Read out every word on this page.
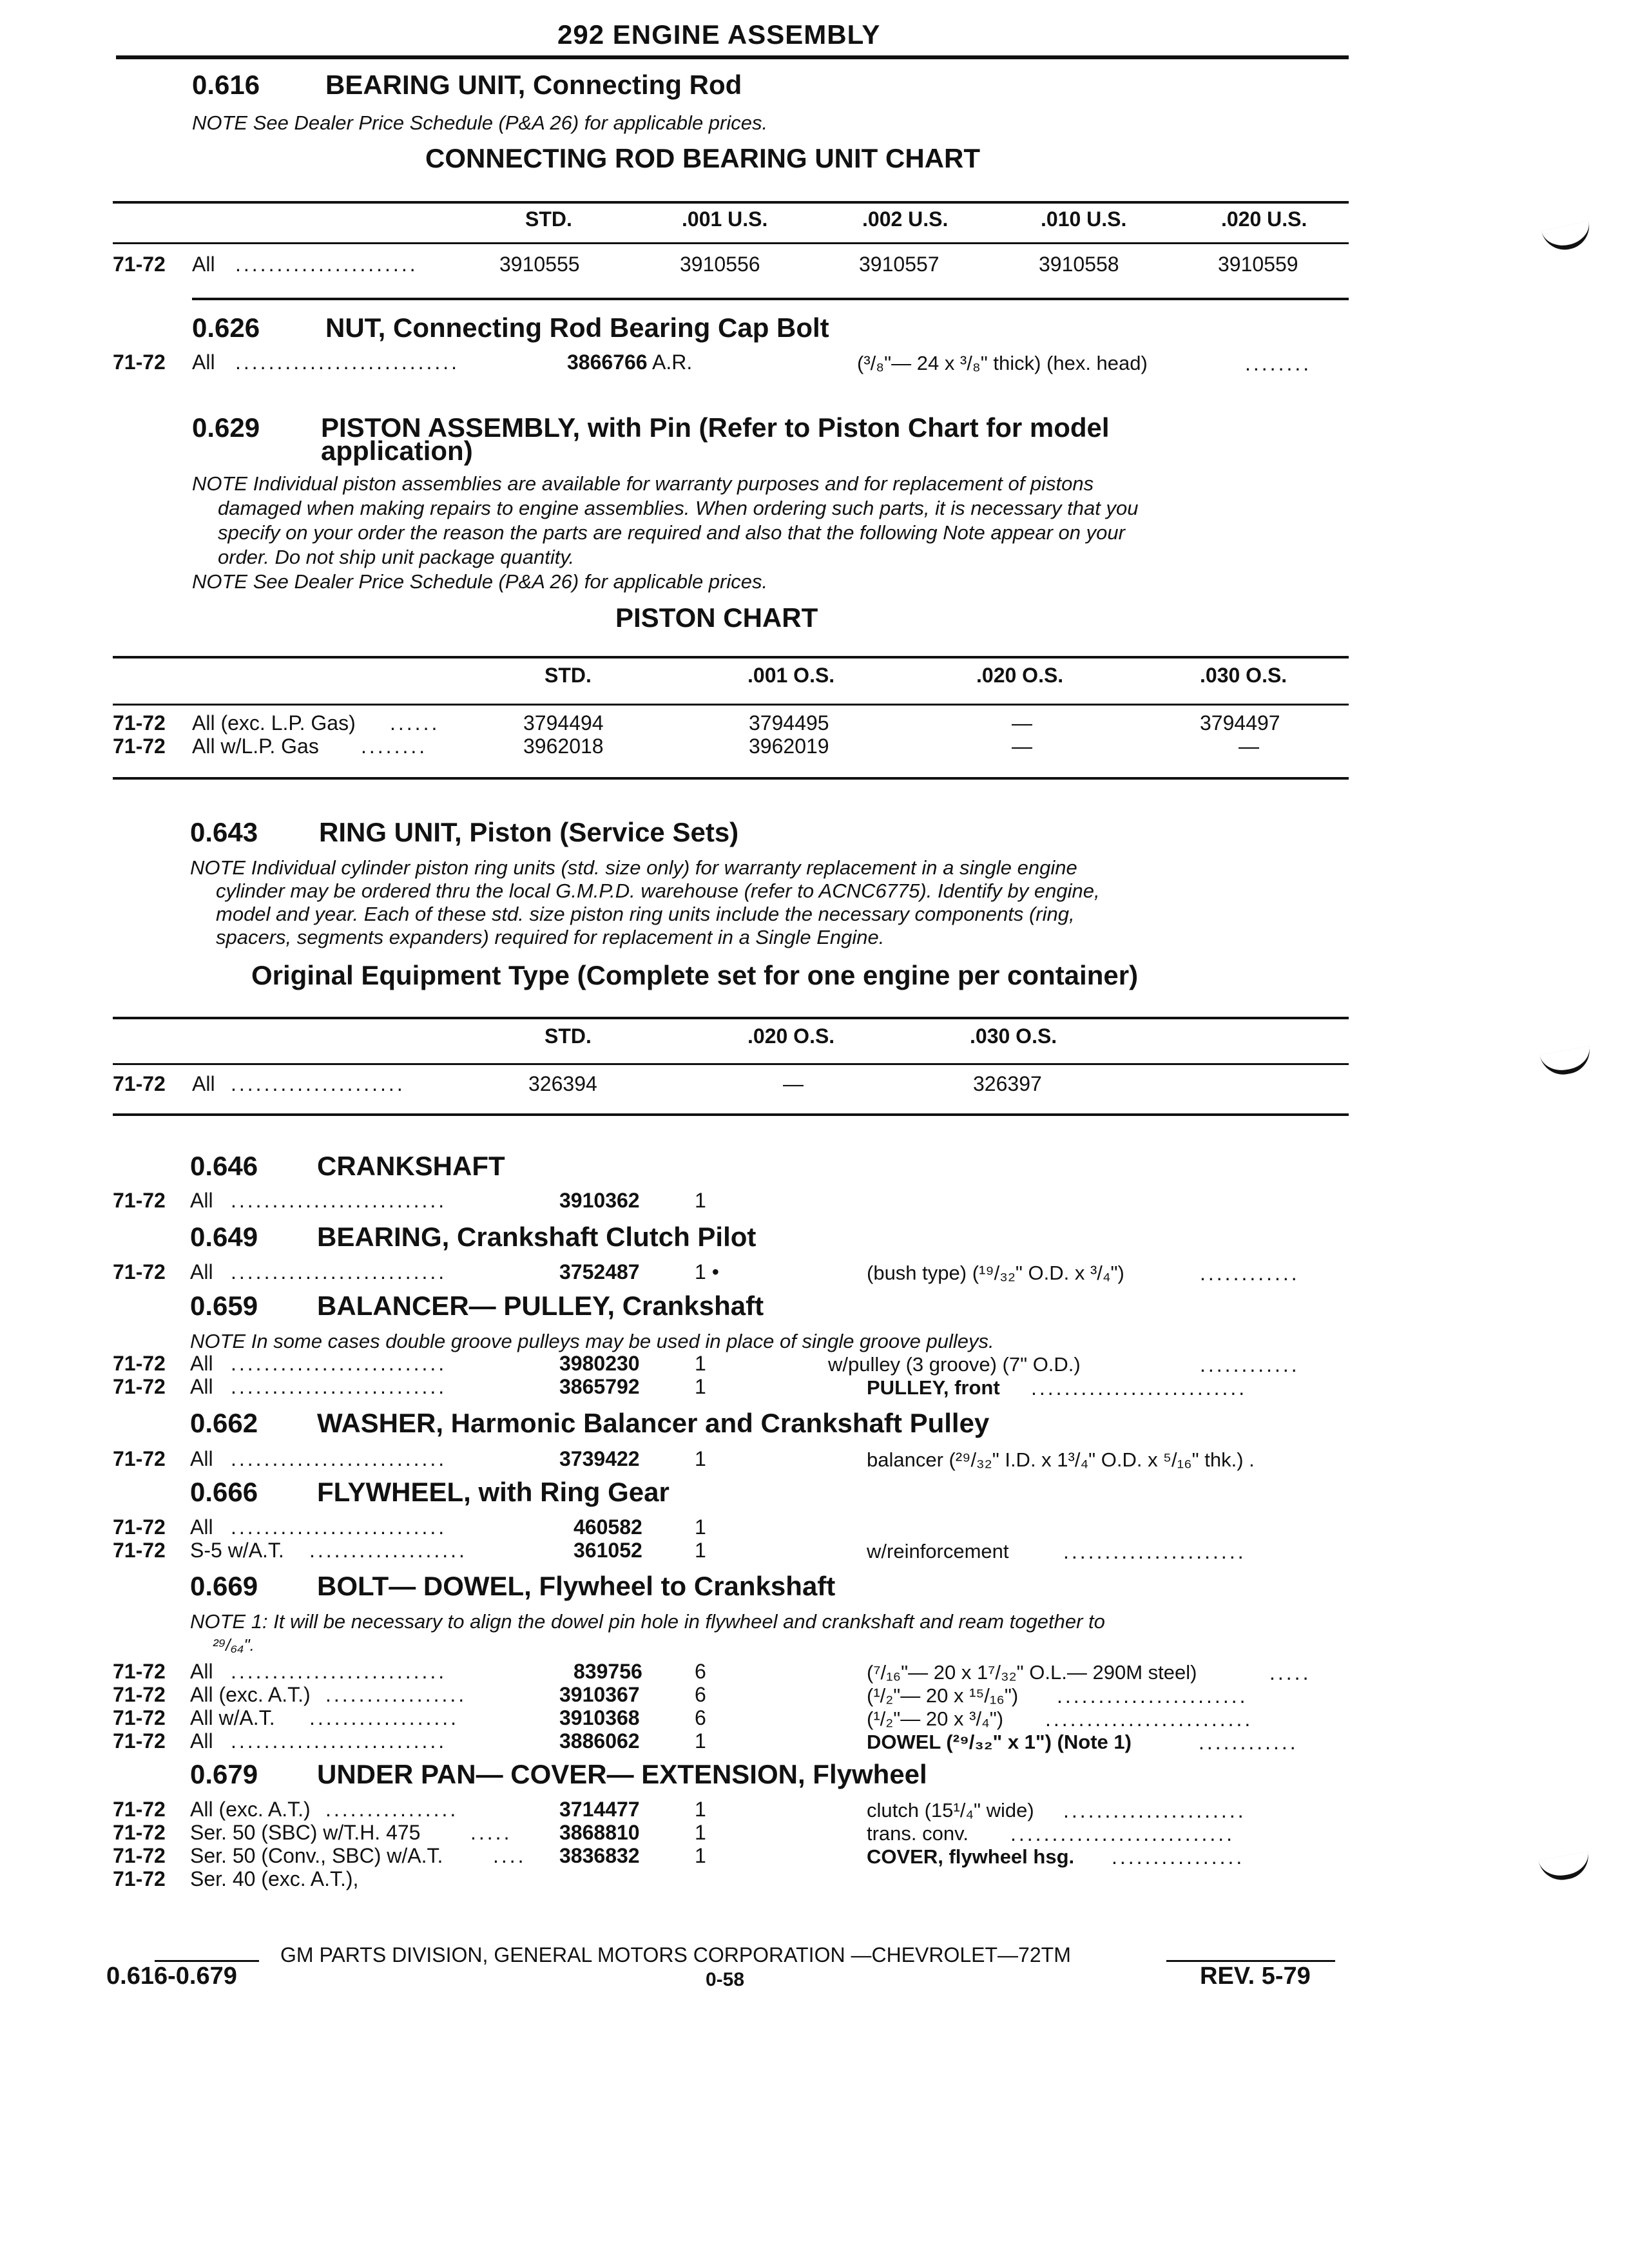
292 ENGINE ASSEMBLY
0.616 BEARING UNIT, Connecting Rod
NOTE See Dealer Price Schedule (P&A 26) for applicable prices.
CONNECTING ROD BEARING UNIT CHART
STD.	.001 U.S.	.002 U.S.	.010 U.S.	.020 U.S.
71-72 All ......................	3910555	3910556	3910557	3910558	3910559
0.626 NUT, Connecting Rod Bearing Cap Bolt
71-72 All ...........................	3866766 A.R.	(³/₈"— 24 x ³/₈" thick) (hex. head)	........
0.629 PISTON ASSEMBLY, with Pin (Refer to Piston Chart for model
application)
NOTE Individual piston assemblies are available for warranty purposes and for replacement of pistons
damaged when making repairs to engine assemblies. When ordering such parts, it is necessary that you
specify on your order the reason the parts are required and also that the following Note appear on your
order. Do not ship unit package quantity.
NOTE See Dealer Price Schedule (P&A 26) for applicable prices.
PISTON CHART
STD.	.001 O.S.	.020 O.S.	.030 O.S.
71-72 All (exc. L.P. Gas) ......	3794494	3794495	—	3794497
71-72 All w/L.P. Gas ........	3962018	3962019	—	—
0.643 RING UNIT, Piston (Service Sets)
NOTE Individual cylinder piston ring units (std. size only) for warranty replacement in a single engine
cylinder may be ordered thru the local G.M.P.D. warehouse (refer to ACNC6775). Identify by engine,
model and year. Each of these std. size piston ring units include the necessary components (ring,
spacers, segments expanders) required for replacement in a Single Engine.
Original Equipment Type (Complete set for one engine per container)
STD.	.020 O.S.	.030 O.S.
71-72 All .....................	326394	—	326397
0.646 CRANKSHAFT
71-72 All ..........................	3910362	1
0.649 BEARING, Crankshaft Clutch Pilot
71-72 All ..........................	3752487	1 •	(bush type) (¹⁹/₃₂" O.D. x ³/₄")	............
0.659 BALANCER— PULLEY, Crankshaft
NOTE In some cases double groove pulleys may be used in place of single groove pulleys.
71-72 All ..........................	3980230	1	w/pulley (3 groove) (7" O.D.)	............
71-72 All ..........................	3865792	1	PULLEY, front ..........................
0.662 WASHER, Harmonic Balancer and Crankshaft Pulley
71-72 All ..........................	3739422	1	balancer (²⁹/₃₂" I.D. x 1³/₄" O.D. x ⁵/₁₆" thk.) .
0.666 FLYWHEEL, with Ring Gear
71-72 All ..........................	460582	1
71-72 S-5 w/A.T. ...................	361052	1	w/reinforcement	......................
0.669 BOLT— DOWEL, Flywheel to Crankshaft
NOTE 1: It will be necessary to align the dowel pin hole in flywheel and crankshaft and ream together to
²⁹/₆₄".
71-72 All ..........................	839756	6	(⁷/₁₆"— 20 x 1⁷/₃₂" O.L.— 290M steel)	.....
71-72 All (exc. A.T.) .................	3910367	6	(¹/₂"— 20 x ¹⁵/₁₆") .......................
71-72 All w/A.T. ..................	3910368	6	(¹/₂"— 20 x ³/₄") .........................
71-72 All ..........................	3886062	1	DOWEL (²⁹/₃₂" x 1") (Note 1)	............
0.679 UNDER PAN— COVER— EXTENSION, Flywheel
71-72 All (exc. A.T.) ................	3714477	1	clutch (15¹/₄" wide) ......................
71-72 Ser. 50 (SBC) w/T.H. 475 ..... 3868810	1	trans. conv. ...........................
71-72 Ser. 50 (Conv., SBC) w/A.T. .... 3836832	1	COVER, flywheel hsg. ................
71-72 Ser. 40 (exc. A.T.),
GM PARTS DIVISION, GENERAL MOTORS CORPORATION —CHEVROLET—72TM
0.616-0.679	0-58	REV. 5-79
